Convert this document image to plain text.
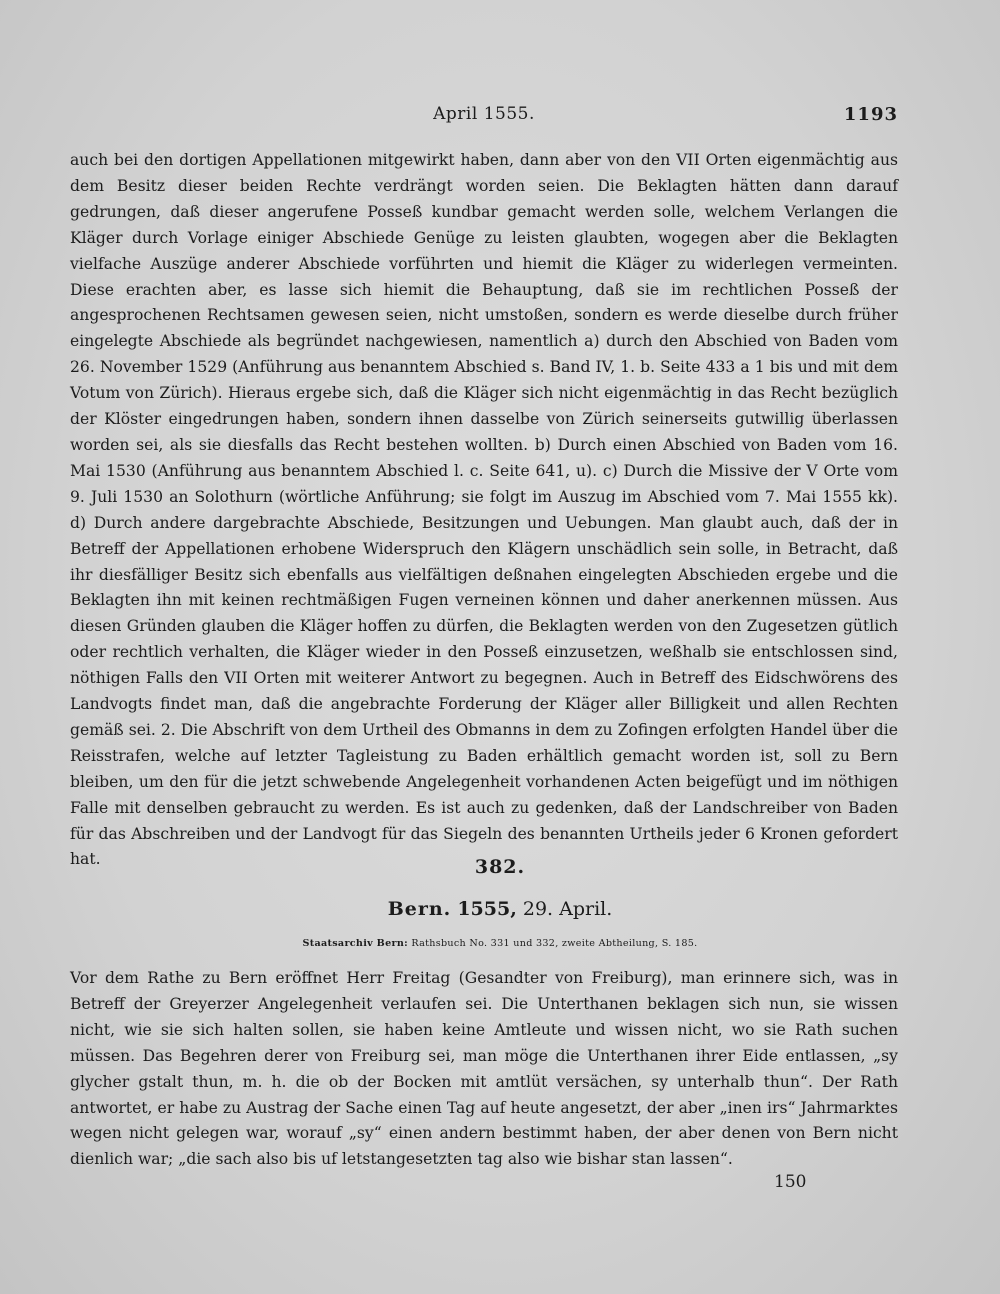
April 1555.	1193

auch bei den dortigen Appellationen mitgewirkt haben, dann aber von den VII Orten eigenmächtig aus dem Besitz dieser beiden Rechte verdrängt worden seien. Die Beklagten hätten dann darauf gedrungen, daß dieser angerufene Posseß kundbar gemacht werden solle, welchem Verlangen die Kläger durch Vorlage einiger Abschiede Genüge zu leisten glaubten, wogegen aber die Beklagten vielfache Auszüge anderer Abschiede vorführten und hiemit die Kläger zu widerlegen vermeinten. Diese erachten aber, es lasse sich hiemit die Behauptung, daß sie im rechtlichen Posseß der angesprochenen Rechtsamen gewesen seien, nicht umstoßen, sondern es werde dieselbe durch früher eingelegte Abschiede als begründet nachgewiesen, namentlich a) durch den Abschied von Baden vom 26. November 1529 (Anführung aus benanntem Abschied s. Band IV, 1. b. Seite 433 a 1 bis und mit dem Votum von Zürich). Hieraus ergebe sich, daß die Kläger sich nicht eigenmächtig in das Recht bezüglich der Klöster eingedrungen haben, sondern ihnen dasselbe von Zürich seinerseits gutwillig überlassen worden sei, als sie diesfalls das Recht bestehen wollten. b) Durch einen Abschied von Baden vom 16. Mai 1530 (Anführung aus benanntem Abschied l. c. Seite 641, u). c) Durch die Missive der V Orte vom 9. Juli 1530 an Solothurn (wörtliche Anführung; sie folgt im Auszug im Abschied vom 7. Mai 1555 kk). d) Durch andere dargebrachte Abschiede, Besitzungen und Uebungen. Man glaubt auch, daß der in Betreff der Appellationen erhobene Widerspruch den Klägern unschädlich sein solle, in Betracht, daß ihr diesfälliger Besitz sich ebenfalls aus vielfältigen deßnahen eingelegten Abschieden ergebe und die Beklagten ihn mit keinen rechtmäßigen Fugen verneinen können und daher anerkennen müssen. Aus diesen Gründen glauben die Kläger hoffen zu dürfen, die Beklagten werden von den Zugesetzen gütlich oder rechtlich verhalten, die Kläger wieder in den Posseß einzusetzen, weßhalb sie entschlossen sind, nöthigen Falls den VII Orten mit weiterer Antwort zu begegnen. Auch in Betreff des Eidschwörens des Landvogts findet man, daß die angebrachte Forderung der Kläger aller Billigkeit und allen Rechten gemäß sei. 2. Die Abschrift von dem Urtheil des Obmanns in dem zu Zofingen erfolgten Handel über die Reisstrafen, welche auf letzter Tagleistung zu Baden erhältlich gemacht worden ist, soll zu Bern bleiben, um den für die jetzt schwebende Angelegenheit vorhandenen Acten beigefügt und im nöthigen Falle mit denselben gebraucht zu werden. Es ist auch zu gedenken, daß der Landschreiber von Baden für das Abschreiben und der Landvogt für das Siegeln des benannten Urtheils jeder 6 Kronen gefordert hat.	382.
Bern. 1555, 29. April.
Staatsarchiv Bern: Rathsbuch No. 331 und 332, zweite Abtheilung, S. 185.

Vor dem Rathe zu Bern eröffnet Herr Freitag (Gesandter von Freiburg), man erinnere sich, was in Betreff der Greyerzer Angelegenheit verlaufen sei. Die Unterthanen beklagen sich nun, sie wissen nicht, wie sie sich halten sollen, sie haben keine Amtleute und wissen nicht, wo sie Rath suchen müssen. Das Begehren derer von Freiburg sei, man möge die Unterthanen ihrer Eide entlassen, „sy glycher gstalt thun, m. h. die ob der Bocken mit amtlüt versächen, sy unterhalb thun“. Der Rath antwortet, er habe zu Austrag der Sache einen Tag auf heute angesetzt, der aber „inen irs“ Jahrmarktes wegen nicht gelegen war, worauf „sy“ einen andern bestimmt haben, der aber denen von Bern nicht dienlich war; „die sach also bis uf letstangesetzten tag also wie bishar stan lassen“.

150
